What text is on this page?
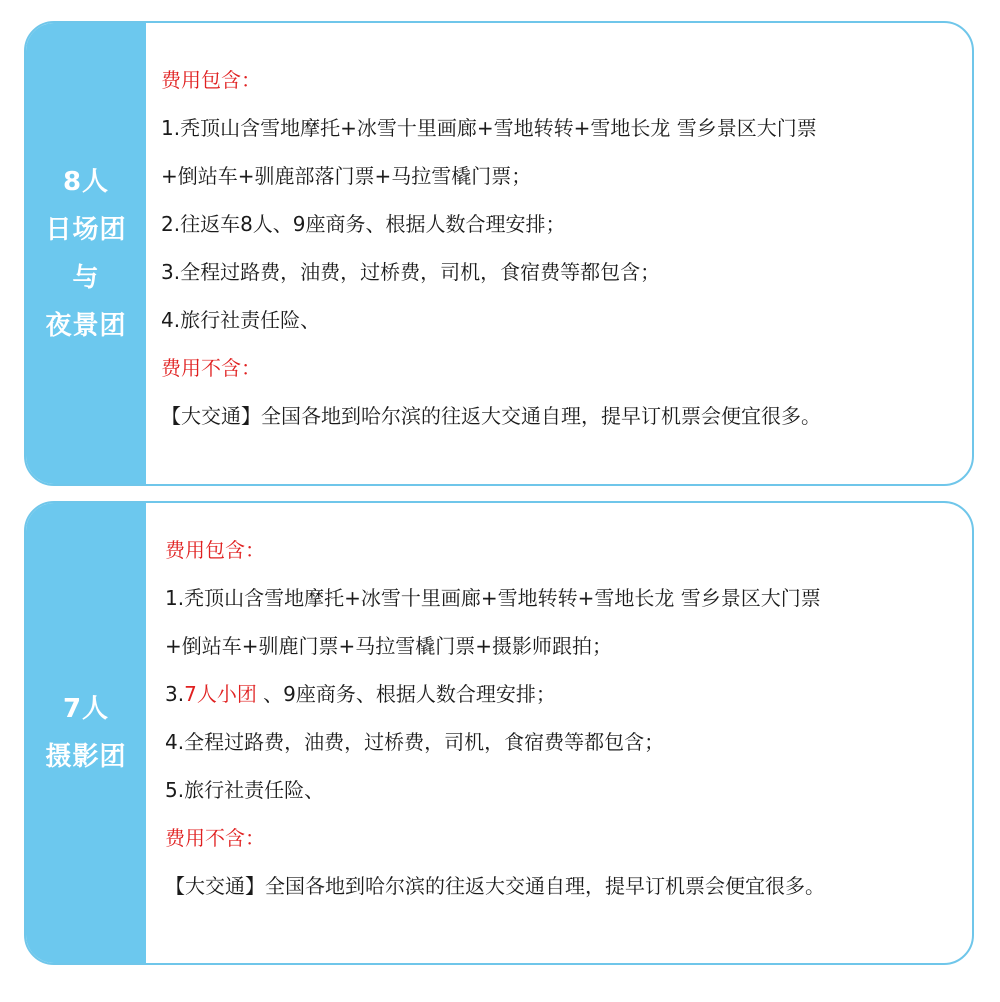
8人
日场团
与
夜景团
费用包含：
1.秃顶山含雪地摩托+冰雪十里画廊+雪地转转+雪地长龙 雪乡景区大门票
+倒站车+驯鹿部落门票+马拉雪橇门票；
2.往返车8人、9座商务、根据人数合理安排；
3.全程过路费，油费，过桥费，司机，食宿费等都包含；
4.旅行社责任险、
费用不含：
【大交通】全国各地到哈尔滨的往返大交通自理，提早订机票会便宜很多。
7人
摄影团
费用包含：
1.秃顶山含雪地摩托+冰雪十里画廊+雪地转转+雪地长龙 雪乡景区大门票
+倒站车+驯鹿门票+马拉雪橇门票+摄影师跟拍；
3.7人小团 、9座商务、根据人数合理安排；
4.全程过路费，油费，过桥费，司机，食宿费等都包含；
5.旅行社责任险、
费用不含：
【大交通】全国各地到哈尔滨的往返大交通自理，提早订机票会便宜很多。
